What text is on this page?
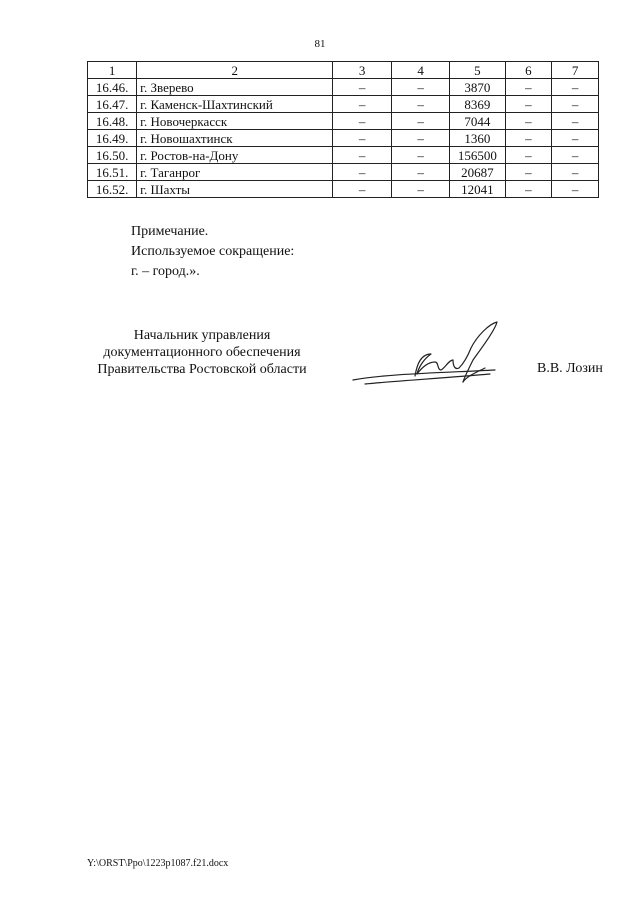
81
1	2	3	4	5	6	7
16.46.	г. Зверево	–	–	3870	–	–
16.47.	г. Каменск-Шахтинский	–	–	8369	–	–
16.48.	г. Новочеркасск	–	–	7044	–	–
16.49.	г. Новошахтинск	–	–	1360	–	–
16.50.	г. Ростов-на-Дону	–	–	156500	–	–
16.51.	г. Таганрог	–	–	20687	–	–
16.52.	г. Шахты	–	–	12041	–	–
Примечание.
Используемое сокращение:
г. – город.».
Начальник управления
документационного обеспечения
Правительства Ростовской области	В.В. Лозин
Y:\ORST\Ppo\1223p1087.f21.docx
